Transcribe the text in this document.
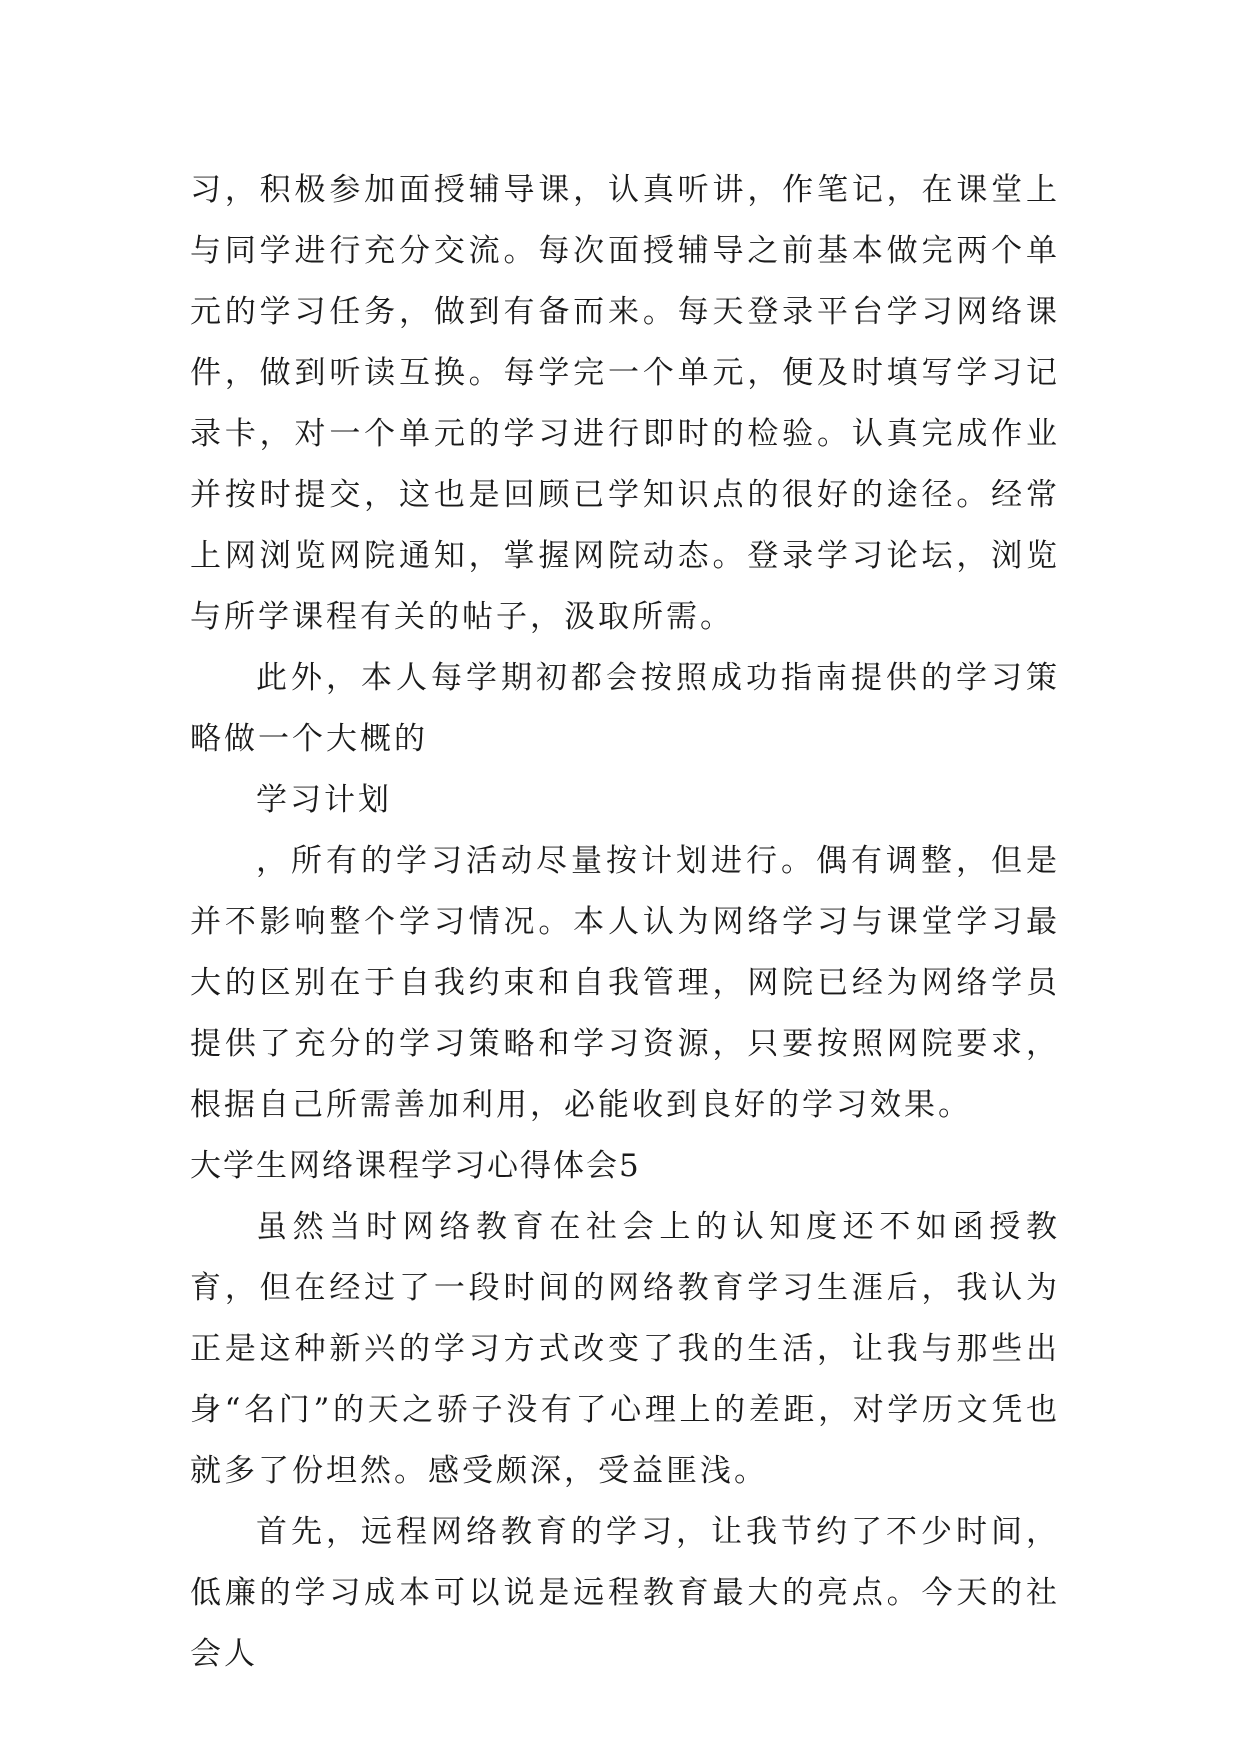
习，积极参加面授辅导课，认真听讲，作笔记，在课堂上与同学进行充分交流。每次面授辅导之前基本做完两个单元的学习任务，做到有备而来。每天登录平台学习网络课件，做到听读互换。每学完一个单元，便及时填写学习记录卡，对一个单元的学习进行即时的检验。认真完成作业并按时提交，这也是回顾已学知识点的很好的途径。经常上网浏览网院通知，掌握网院动态。登录学习论坛，浏览与所学课程有关的帖子，汲取所需。

此外，本人每学期初都会按照成功指南提供的学习策略做一个大概的

学习计划

，所有的学习活动尽量按计划进行。偶有调整，但是并不影响整个学习情况。本人认为网络学习与课堂学习最大的区别在于自我约束和自我管理，网院已经为网络学员提供了充分的学习策略和学习资源，只要按照网院要求，根据自己所需善加利用，必能收到良好的学习效果。

大学生网络课程学习心得体会5

虽然当时网络教育在社会上的认知度还不如函授教育，但在经过了一段时间的网络教育学习生涯后，我认为正是这种新兴的学习方式改变了我的生活，让我与那些出身“名门”的天之骄子没有了心理上的差距，对学历文凭也就多了份坦然。感受颇深，受益匪浅。

首先，远程网络教育的学习，让我节约了不少时间，低廉的学习成本可以说是远程教育最大的亮点。今天的社会人
